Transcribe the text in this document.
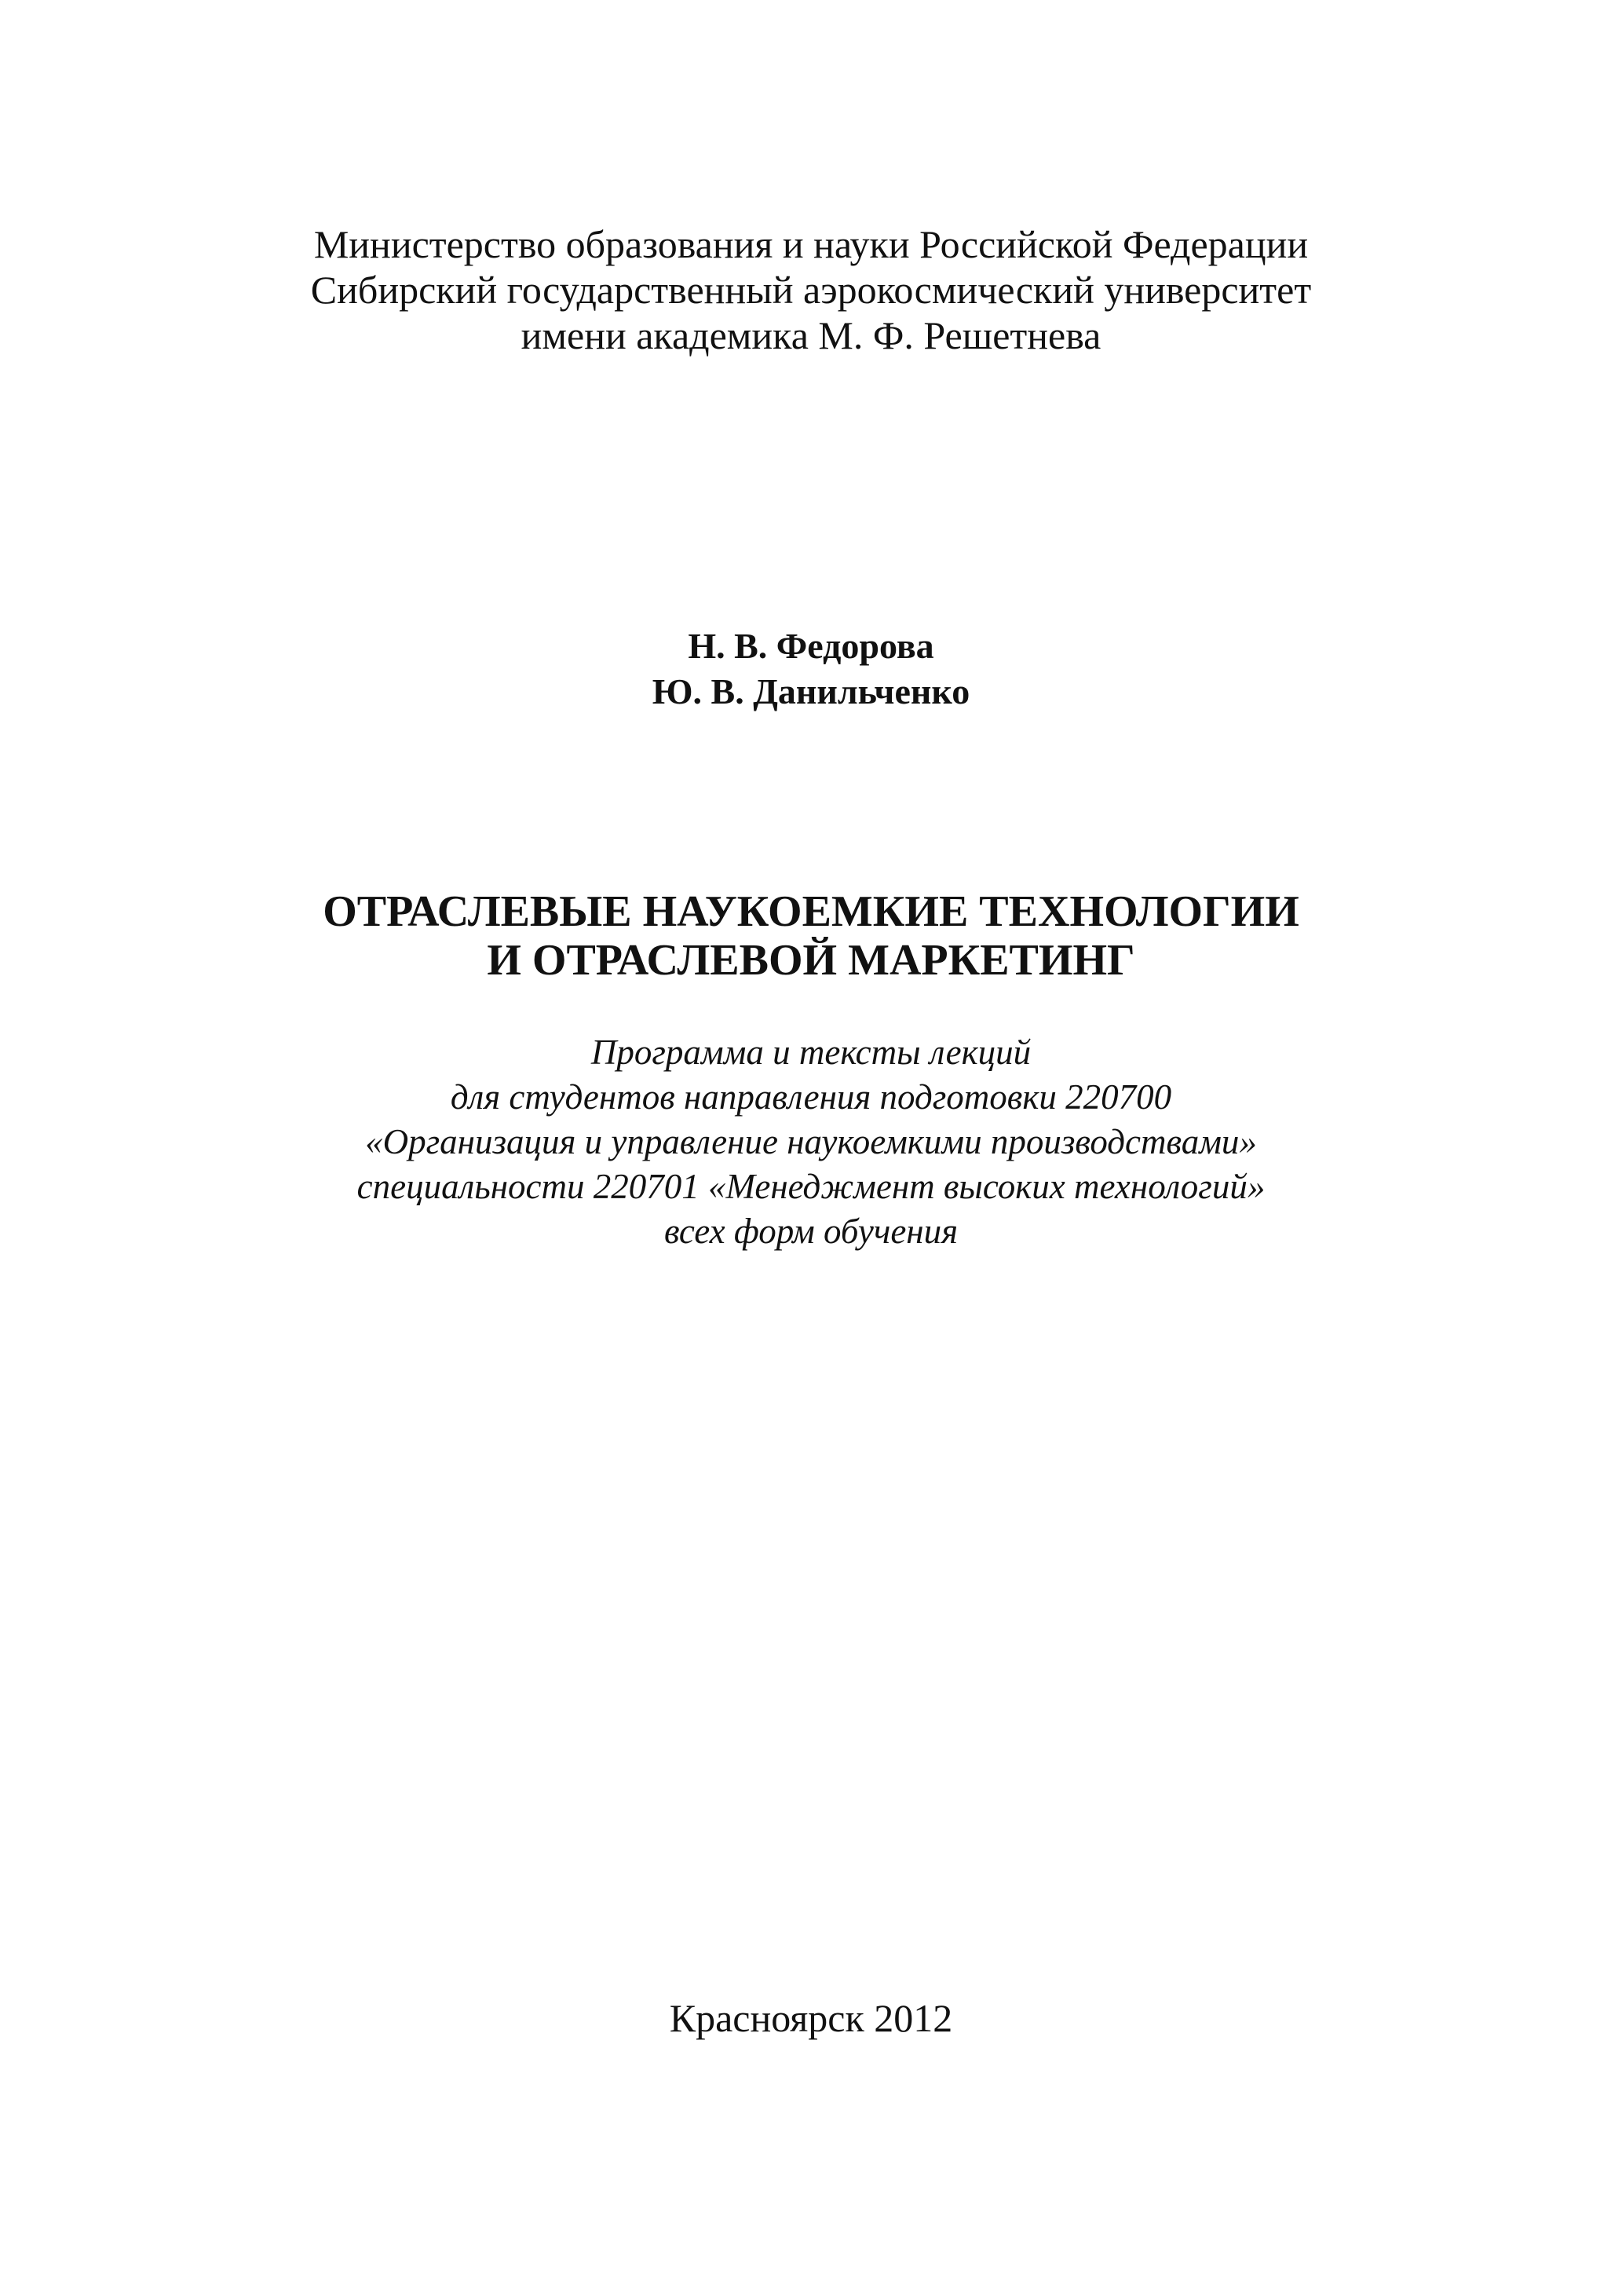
Министерство образования и науки Российской Федерации
Сибирский государственный аэрокосмический университет
имени академика М. Ф. Решетнева
Н. В. Федорова
Ю. В. Данильченко
ОТРАСЛЕВЫЕ НАУКОЕМКИЕ ТЕХНОЛОГИИ
И ОТРАСЛЕВОЙ МАРКЕТИНГ
Программа и тексты лекций
для студентов направления подготовки 220700
«Организация и управление наукоемкими производствами»
специальности 220701 «Менеджмент высоких технологий»
всех форм обучения
Красноярск 2012
